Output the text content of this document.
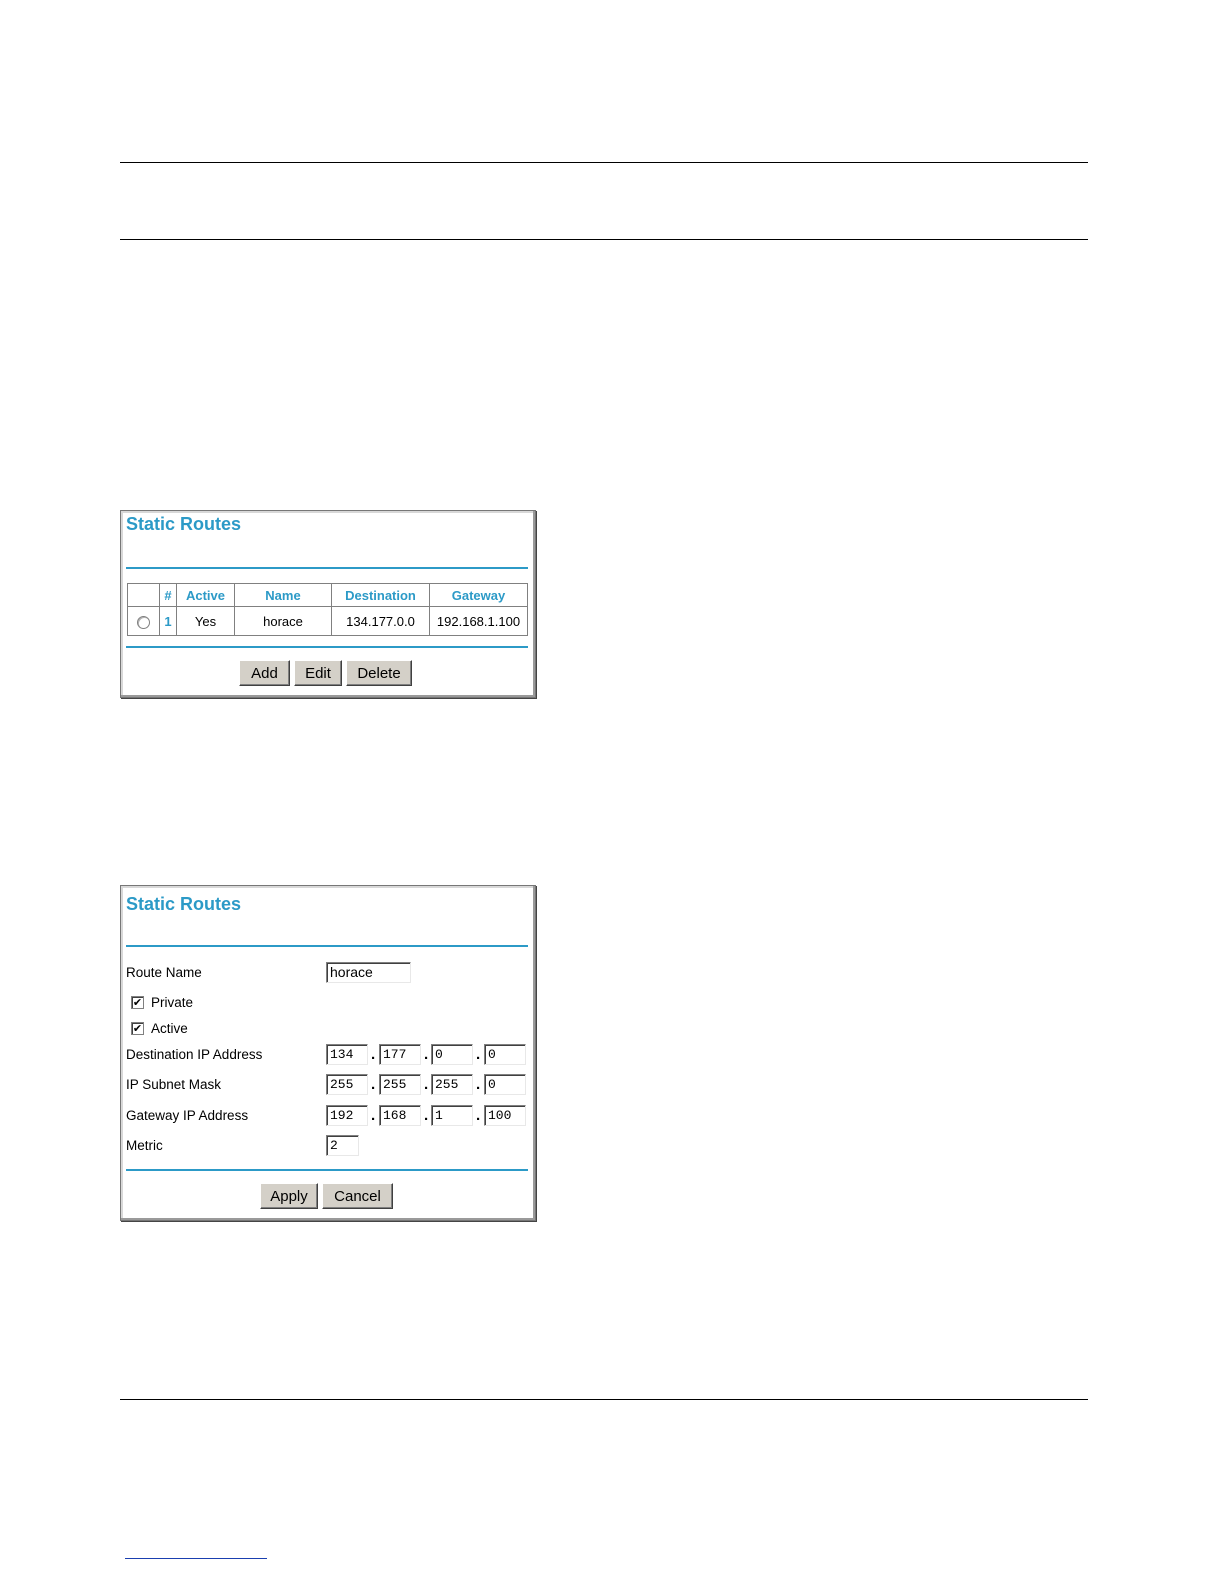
Static Routes
	#	Active	Name	Destination	Gateway
	1	Yes	horace	134.177.0.0	192.168.1.100
Add	Edit	Delete
Static Routes
Route Name	horace
✔ Private
✔ Active
Destination IP Address	134	. 177	. 0	. 0
IP Subnet Mask	255	. 255	. 255	. 0
Gateway IP Address	192	. 168	. 1	. 100
Metric	2
Apply	Cancel
